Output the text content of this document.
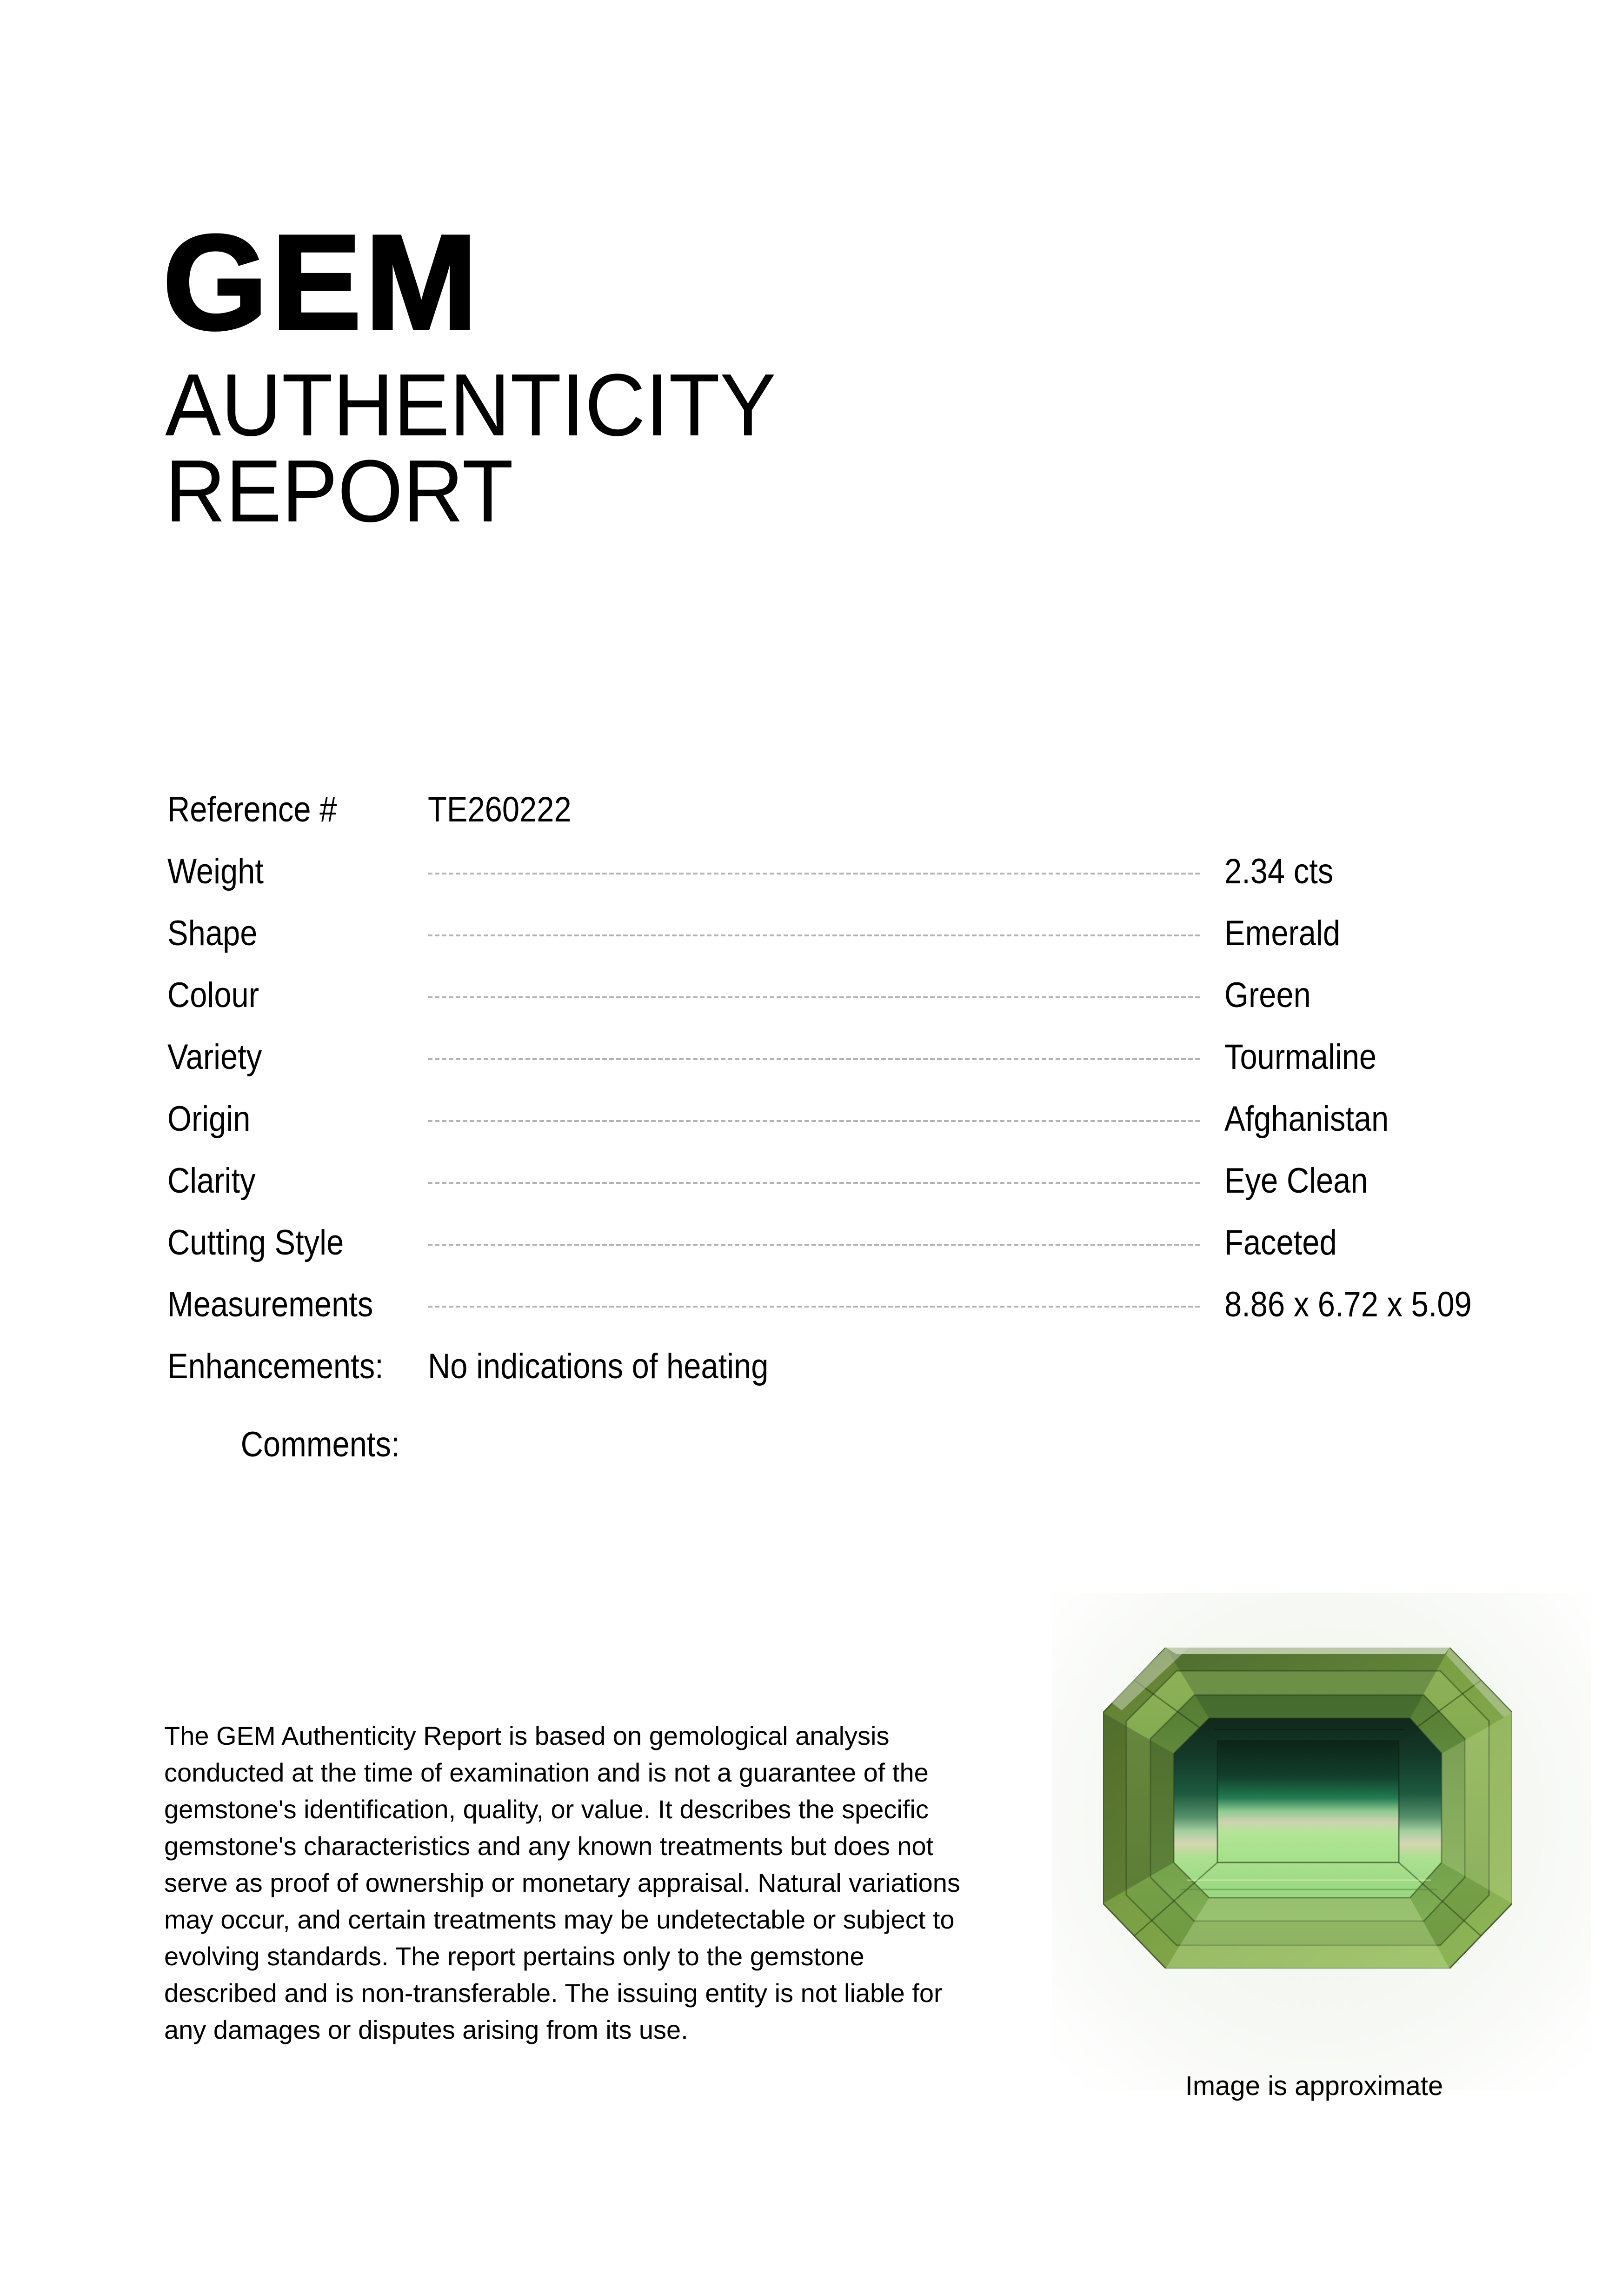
GEM
AUTHENTICITY
REPORT
Reference #	TE260222
Weight	2.34 cts
Shape	Emerald
Colour	Green
Variety	Tourmaline
Origin	Afghanistan
Clarity	Eye Clean
Cutting Style	Faceted
Measurements	8.86 x 6.72 x 5.09
Enhancements:	No indications of heating
Comments:
The GEM Authenticity Report is based on gemological analysis conducted at the time of examination and is not a guarantee of the gemstone's identification, quality, or value. It describes the specific gemstone's characteristics and any known treatments but does not serve as proof of ownership or monetary appraisal. Natural variations may occur, and certain treatments may be undetectable or subject to evolving standards. The report pertains only to the gemstone described and is non-transferable. The issuing entity is not liable for any damages or disputes arising from its use.
Image is approximate
